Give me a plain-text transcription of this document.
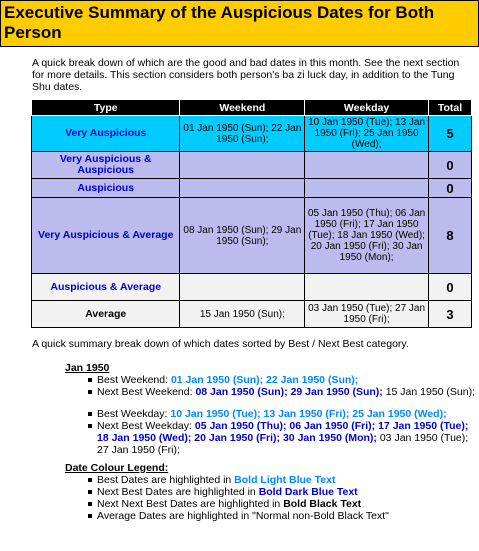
Executive Summary of the Auspicious Dates for Both Person
A quick break down of which are the good and bad dates in this month. See the next section for more details. This section considers both person's ba zi luck day, in addition to the Tung Shu dates.
Type	Weekend	Weekday	Total
Very Auspicious	01 Jan 1950 (Sun); 22 Jan 1950 (Sun);	10 Jan 1950 (Tue); 13 Jan 1950 (Fri); 25 Jan 1950 (Wed);	5
Very Auspicious & Auspicious			0
Auspicious			0
Very Auspicious & Average	08 Jan 1950 (Sun); 29 Jan 1950 (Sun);	05 Jan 1950 (Thu); 06 Jan 1950 (Fri); 17 Jan 1950 (Tue); 18 Jan 1950 (Wed); 20 Jan 1950 (Fri); 30 Jan 1950 (Mon);	8
Auspicious & Average			0
Average	15 Jan 1950 (Sun);	03 Jan 1950 (Tue); 27 Jan 1950 (Fri);	3
A quick summary break down of which dates sorted by Best / Next Best category.
Jan 1950
Best Weekend: 01 Jan 1950 (Sun); 22 Jan 1950 (Sun);
Next Best Weekend: 08 Jan 1950 (Sun); 29 Jan 1950 (Sun); 15 Jan 1950 (Sun);
Best Weekday: 10 Jan 1950 (Tue); 13 Jan 1950 (Fri); 25 Jan 1950 (Wed);
Next Best Weekday: 05 Jan 1950 (Thu); 06 Jan 1950 (Fri); 17 Jan 1950 (Tue); 18 Jan 1950 (Wed); 20 Jan 1950 (Fri); 30 Jan 1950 (Mon); 03 Jan 1950 (Tue); 27 Jan 1950 (Fri);
Date Colour Legend:
Best Dates are highlighted in Bold Light Blue Text
Next Best Dates are highlighted in Bold Dark Blue Text
Next Next Best Dates are highlighted in Bold Black Text
Average Dates are highlighted in "Normal non-Bold Black Text"
